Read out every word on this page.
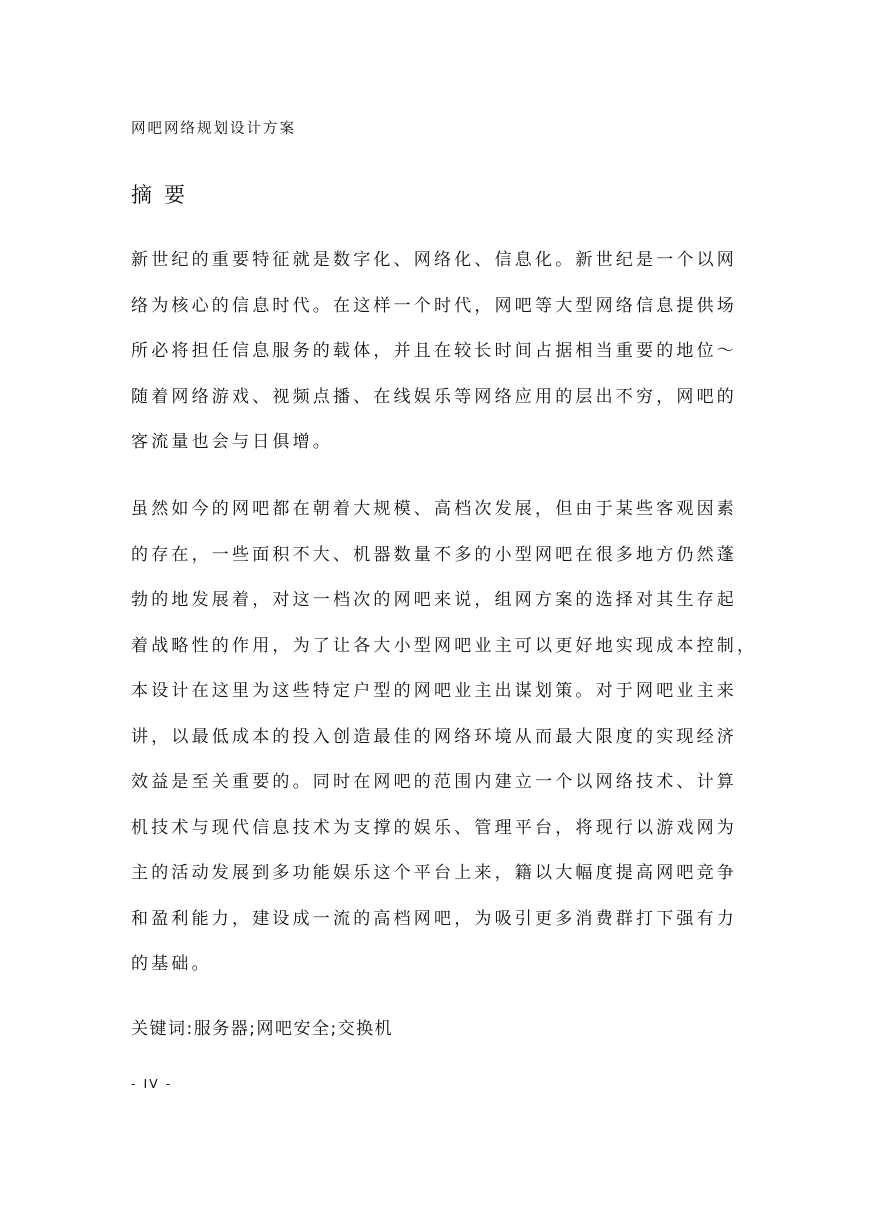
网吧网络规划设计方案
摘要
新世纪的重要特征就是数字化、网络化、信息化。新世纪是一个以网
络为核心的信息时代。在这样一个时代，网吧等大型网络信息提供场
所必将担任信息服务的载体，并且在较长时间占据相当重要的地位～
随着网络游戏、视频点播、在线娱乐等网络应用的层出不穷，网吧的
客流量也会与日俱增。
虽然如今的网吧都在朝着大规模、高档次发展，但由于某些客观因素
的存在，一些面积不大、机器数量不多的小型网吧在很多地方仍然蓬
勃的地发展着，对这一档次的网吧来说，组网方案的选择对其生存起
着战略性的作用，为了让各大小型网吧业主可以更好地实现成本控制，
本设计在这里为这些特定户型的网吧业主出谋划策。对于网吧业主来
讲，以最低成本的投入创造最佳的网络环境从而最大限度的实现经济
效益是至关重要的。同时在网吧的范围内建立一个以网络技术、计算
机技术与现代信息技术为支撑的娱乐、管理平台，将现行以游戏网为
主的活动发展到多功能娱乐这个平台上来，籍以大幅度提高网吧竞争
和盈利能力，建设成一流的高档网吧，为吸引更多消费群打下强有力
的基础。
关键词:服务器;网吧安全;交换机
- IV -
